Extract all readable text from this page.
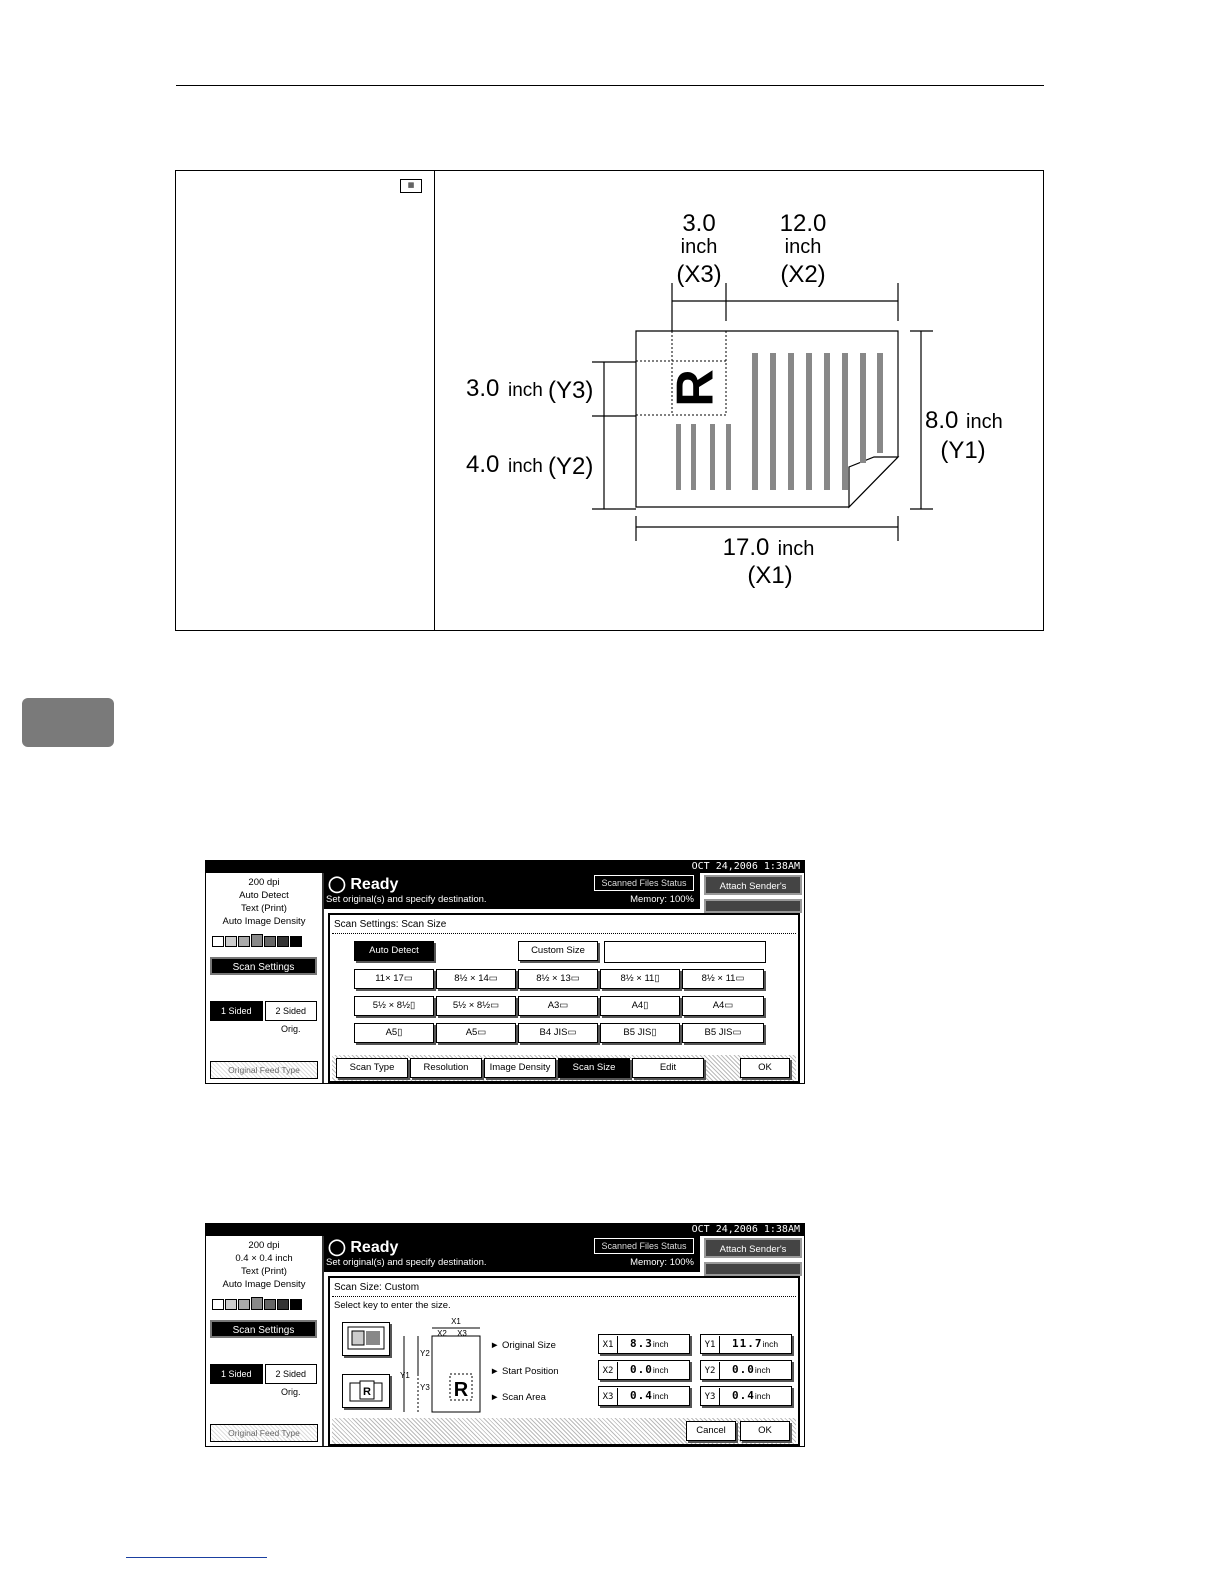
▦
R
3.0
inch
(X3)
12.0
inch
(X2)
3.0 inch (Y3)
4.0 inch (Y2)
8.0 inch
(Y1)
17.0 inch
(X1)
OCT 24,2006 1:38AM
200 dpi
Auto Detect
Text (Print)
Auto Image Density
Scan Settings
1 Sided Orig.
2 Sided Orig.
Original Feed Type
◯ Ready	Scanned Files Status
Set original(s) and specify destination.	Memory: 100%
Attach Sender's
Scan Settings: Scan Size
Auto Detect	Custom Size
11× 17▭	8½ × 14▭	8½ × 13▭	8½ × 11▯	8½ × 11▭
5½ × 8½▯	5½ × 8½▭	A3▭	A4▯	A4▭
A5▯	A5▭	B4 JIS▭	B5 JIS▯	B5 JIS▭
Scan Type	Resolution	Image Density	Scan Size	Edit	OK
OCT 24,2006 1:38AM
200 dpi
0.4 × 0.4 inch
Text (Print)
Auto Image Density
Scan Settings
1 Sided Orig.
2 Sided Orig.
Original Feed Type
◯ Ready	Scanned Files Status
Set original(s) and specify destination.	Memory: 100%
Attach Sender's
Scan Size: Custom
Select key to enter the size.
R
X1
X2 X3
Y1
Y2
Y3 R
► Original Size
► Start Position
► Scan Area
X1 8.3inch	Y1 11.7inch
X2 0.0inch	Y2 0.0inch
X3 0.4inch	Y3 0.4inch
Cancel	OK
